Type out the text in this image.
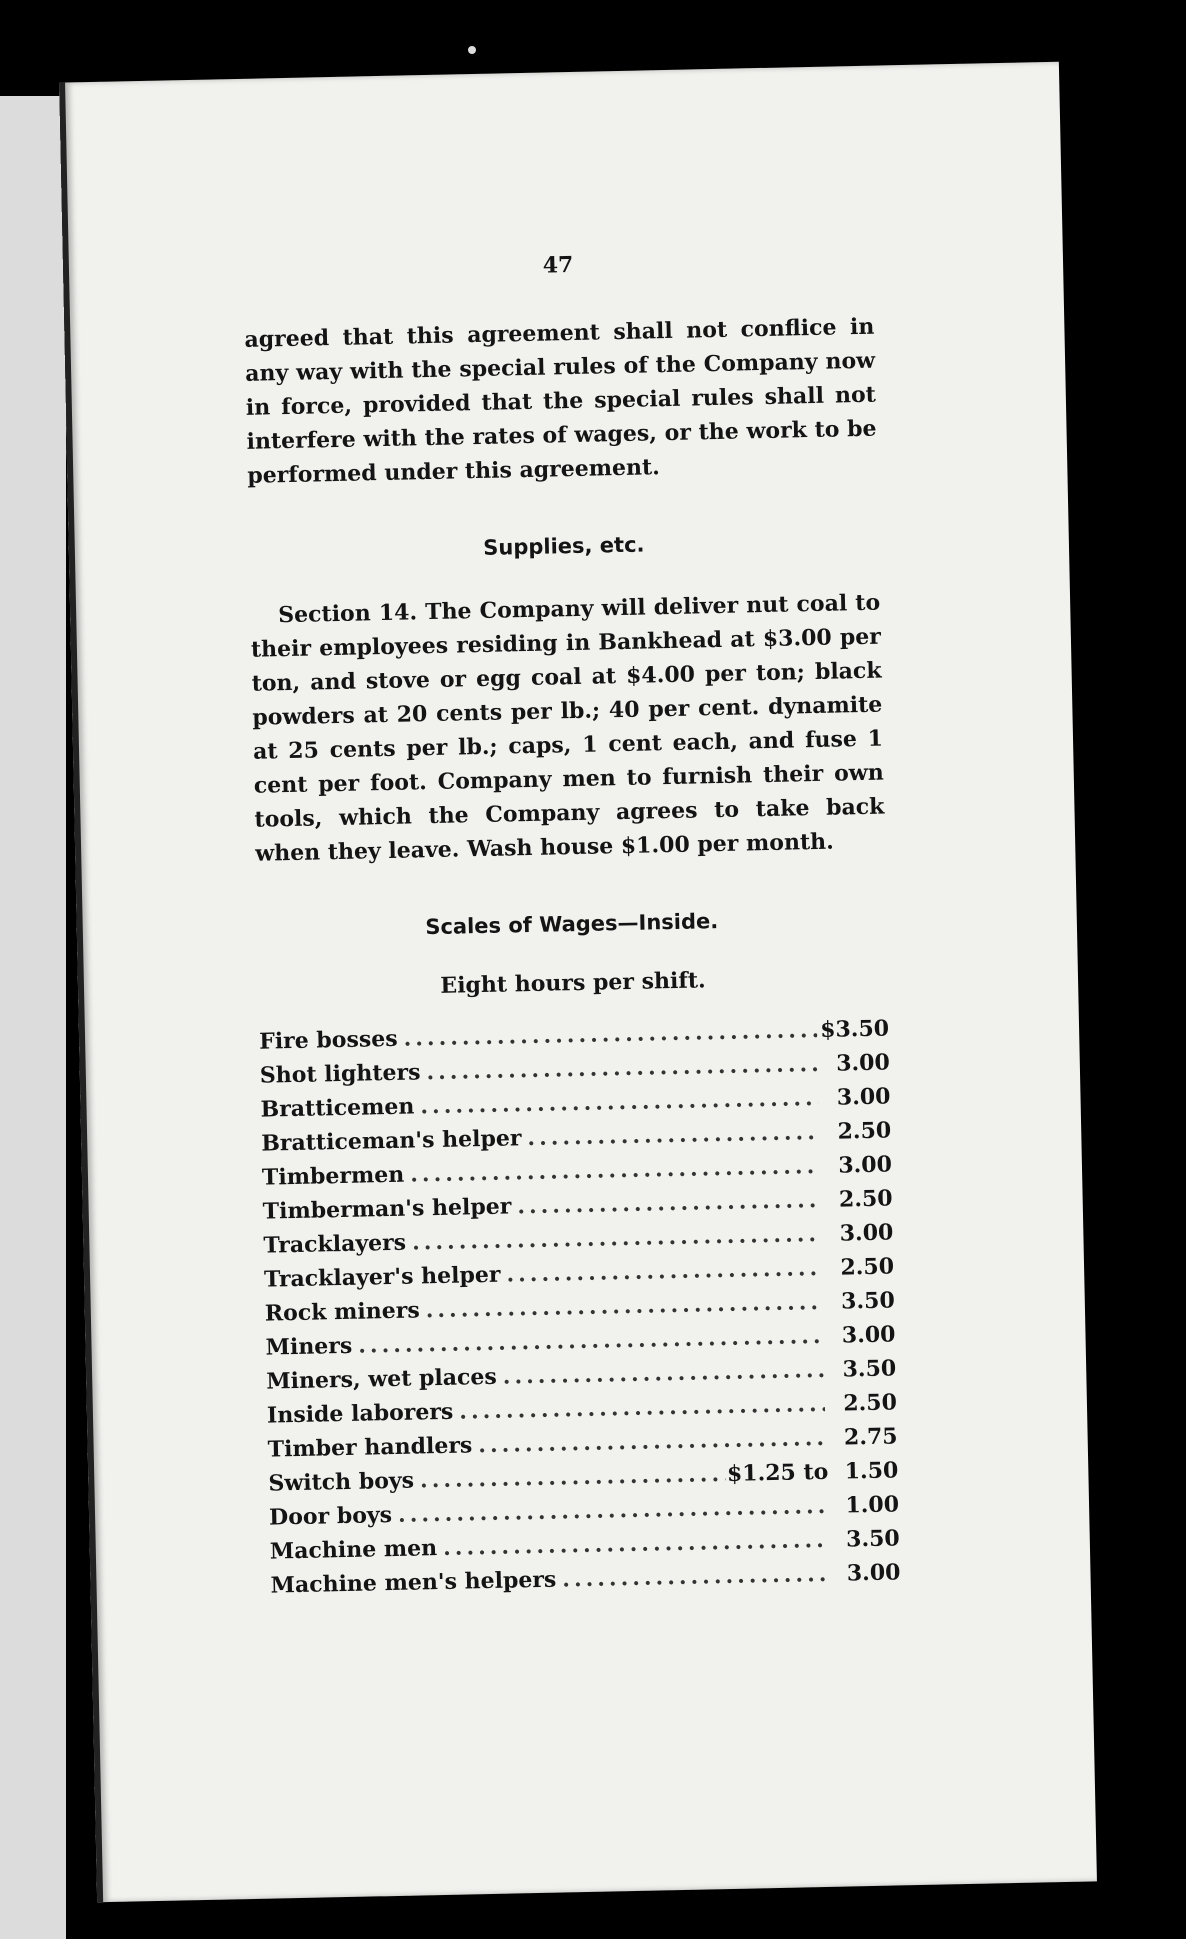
47

agreed that this agreement shall not conflice in any way with the special rules of the Company now in force, provided that the special rules shall not interfere with the rates of wages, or the work to be performed under this agreement.

Supplies, etc.

Section 14. The Company will deliver nut coal to their employees residing in Bankhead at $3.00 per ton, and stove or egg coal at $4.00 per ton; black powders at 20 cents per lb.; 40 per cent. dynamite at 25 cents per lb.; caps, 1 cent each, and fuse 1 cent per foot. Company men to furnish their own tools, which the Company agrees to take back when they leave. Wash house $1.00 per month.

Scales of Wages—Inside.
Eight hours per shift.
Fire bosses .....	$3.50
Shot lighters .....	3.00
Bratticemen .....	3.00
Bratticeman's helper .....	2.50
Timbermen .....	3.00
Timberman's helper .....	2.50
Tracklayers .....	3.00
Tracklayer's helper .....	2.50
Rock miners .....	3.50
Miners .....	3.00
Miners, wet places .....	3.50
Inside laborers .....	2.50
Timber handlers .....	2.75
Switch boys .....	$1.25 to 1.50
Door boys .....	1.00
Machine men .....	3.50
Machine men's helpers .....	3.00
